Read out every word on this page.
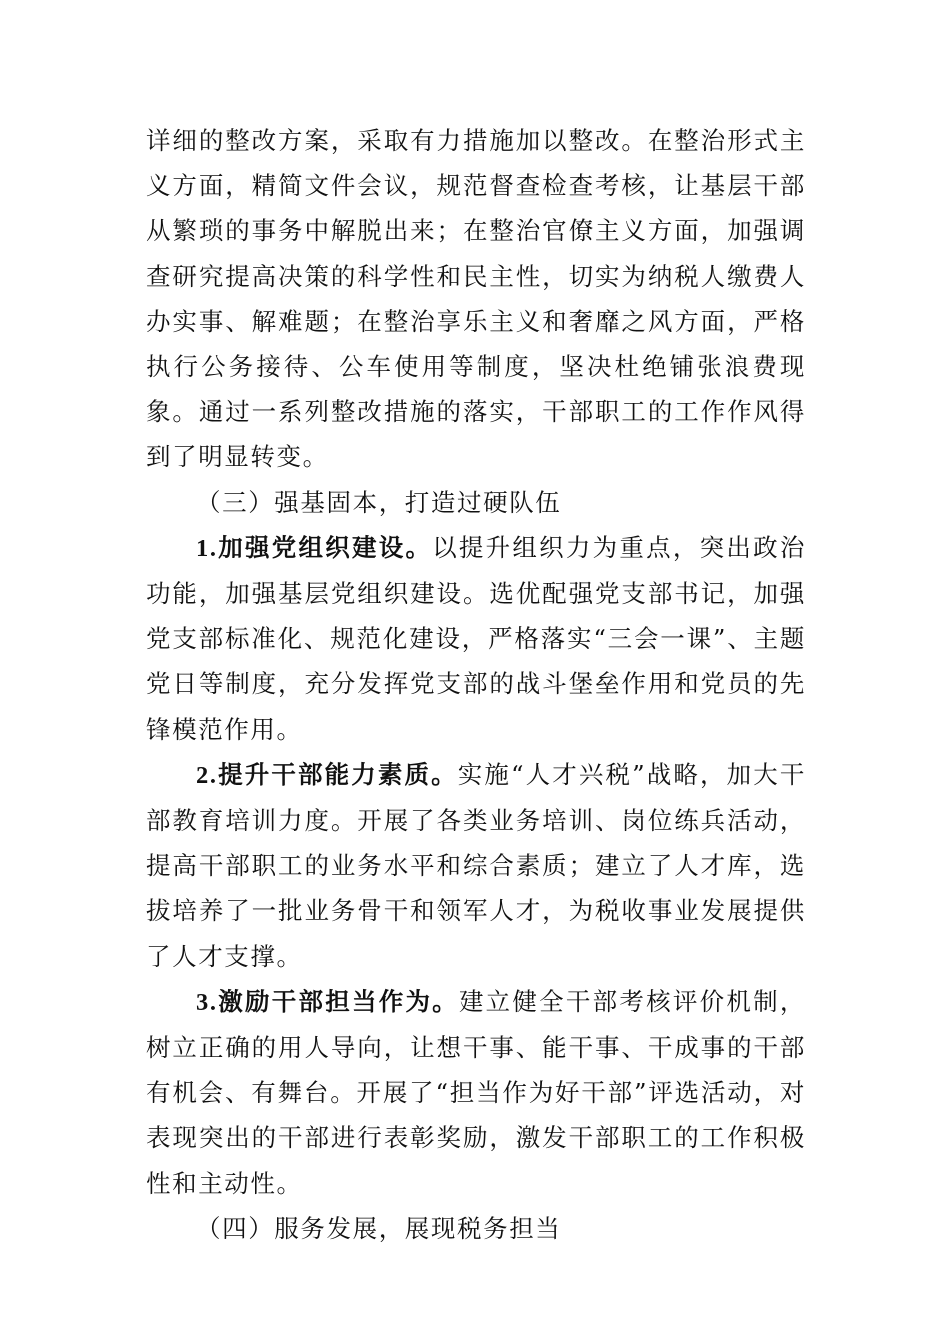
详细的整改方案，采取有力措施加以整改。在整治形式主义方面，精简文件会议，规范督查检查考核，让基层干部从繁琐的事务中解脱出来；在整治官僚主义方面，加强调查研究提高决策的科学性和民主性，切实为纳税人缴费人办实事、解难题；在整治享乐主义和奢靡之风方面，严格执行公务接待、公车使用等制度，坚决杜绝铺张浪费现象。通过一系列整改措施的落实，干部职工的工作作风得到了明显转变。

（三）强基固本，打造过硬队伍

1.加强党组织建设。以提升组织力为重点，突出政治功能，加强基层党组织建设。选优配强党支部书记，加强党支部标准化、规范化建设，严格落实“三会一课”、主题党日等制度，充分发挥党支部的战斗堡垒作用和党员的先锋模范作用。

2.提升干部能力素质。实施“人才兴税”战略，加大干部教育培训力度。开展了各类业务培训、岗位练兵活动，提高干部职工的业务水平和综合素质；建立了人才库，选拔培养了一批业务骨干和领军人才，为税收事业发展提供了人才支撑。

3.激励干部担当作为。建立健全干部考核评价机制，树立正确的用人导向，让想干事、能干事、干成事的干部有机会、有舞台。开展了“担当作为好干部”评选活动，对表现突出的干部进行表彰奖励，激发干部职工的工作积极性和主动性。

（四）服务发展，展现税务担当
